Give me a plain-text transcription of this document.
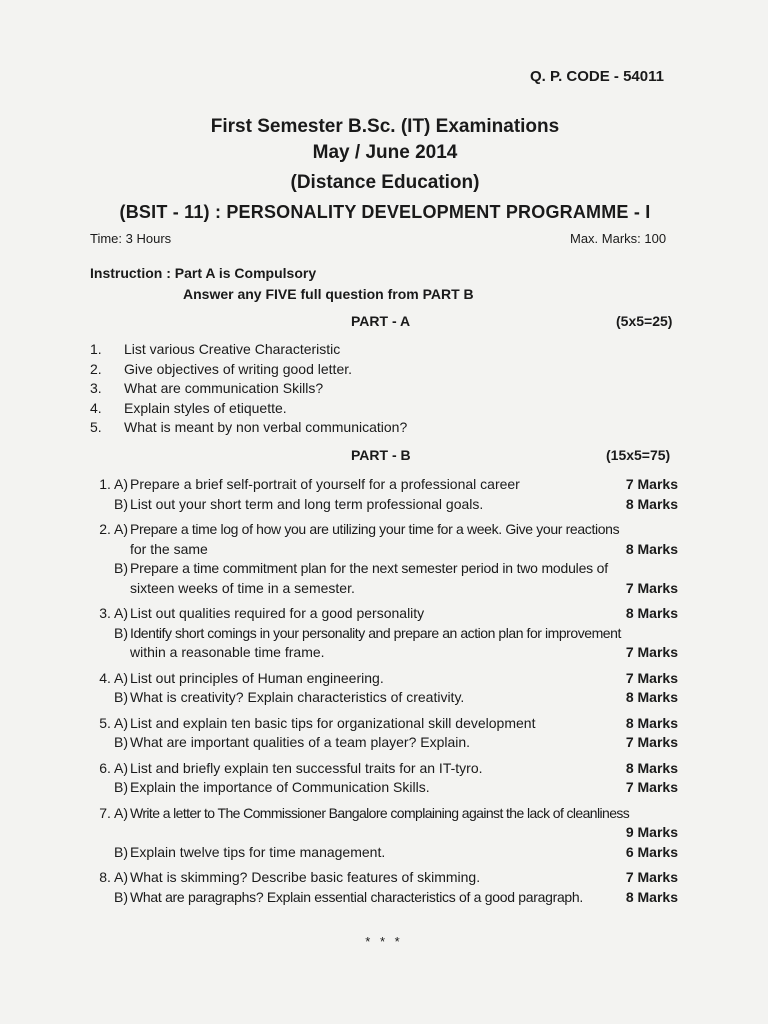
Q. P. CODE - 54011
First Semester B.Sc. (IT) Examinations
May / June 2014
(Distance Education)
(BSIT - 11) : PERSONALITY DEVELOPMENT PROGRAMME - I
Time: 3 Hours	Max. Marks: 100
Instruction : Part A is Compulsory
Answer any FIVE full question from PART B
PART - A	(5x5=25)
1.	List various Creative Characteristic
2.	Give objectives of writing good letter.
3.	What are communication Skills?
4.	Explain styles of etiquette.
5.	What is meant by non verbal communication?
PART - B	(15x5=75)
1. A) Prepare a brief self-portrait of yourself for a professional career	7 Marks
B) List out your short term and long term professional goals.	8 Marks
2. A) Prepare a time log of how you are utilizing your time for a week. Give your reactions
for the same	8 Marks
B) Prepare a time commitment plan for the next semester period in two modules of
sixteen weeks of time in a semester.	7 Marks
3. A) List out qualities required for a good personality	8 Marks
B) Identify short comings in your personality and prepare an action plan for improvement
within a reasonable time frame.	7 Marks
4. A) List out principles of Human engineering.	7 Marks
B) What is creativity? Explain characteristics of creativity.	8 Marks
5. A) List and explain ten basic tips for organizational skill development	8 Marks
B) What are important qualities of a team player? Explain.	7 Marks
6. A) List and briefly explain ten successful traits for an IT-tyro.	8 Marks
B) Explain the importance of Communication Skills.	7 Marks
7. A) Write a letter to The Commissioner Bangalore complaining against the lack of cleanliness
9 Marks
B) Explain twelve tips for time management.	6 Marks
8. A) What is skimming? Describe basic features of skimming.	7 Marks
B) What are paragraphs? Explain essential characteristics of a good paragraph.	8 Marks
* * *
